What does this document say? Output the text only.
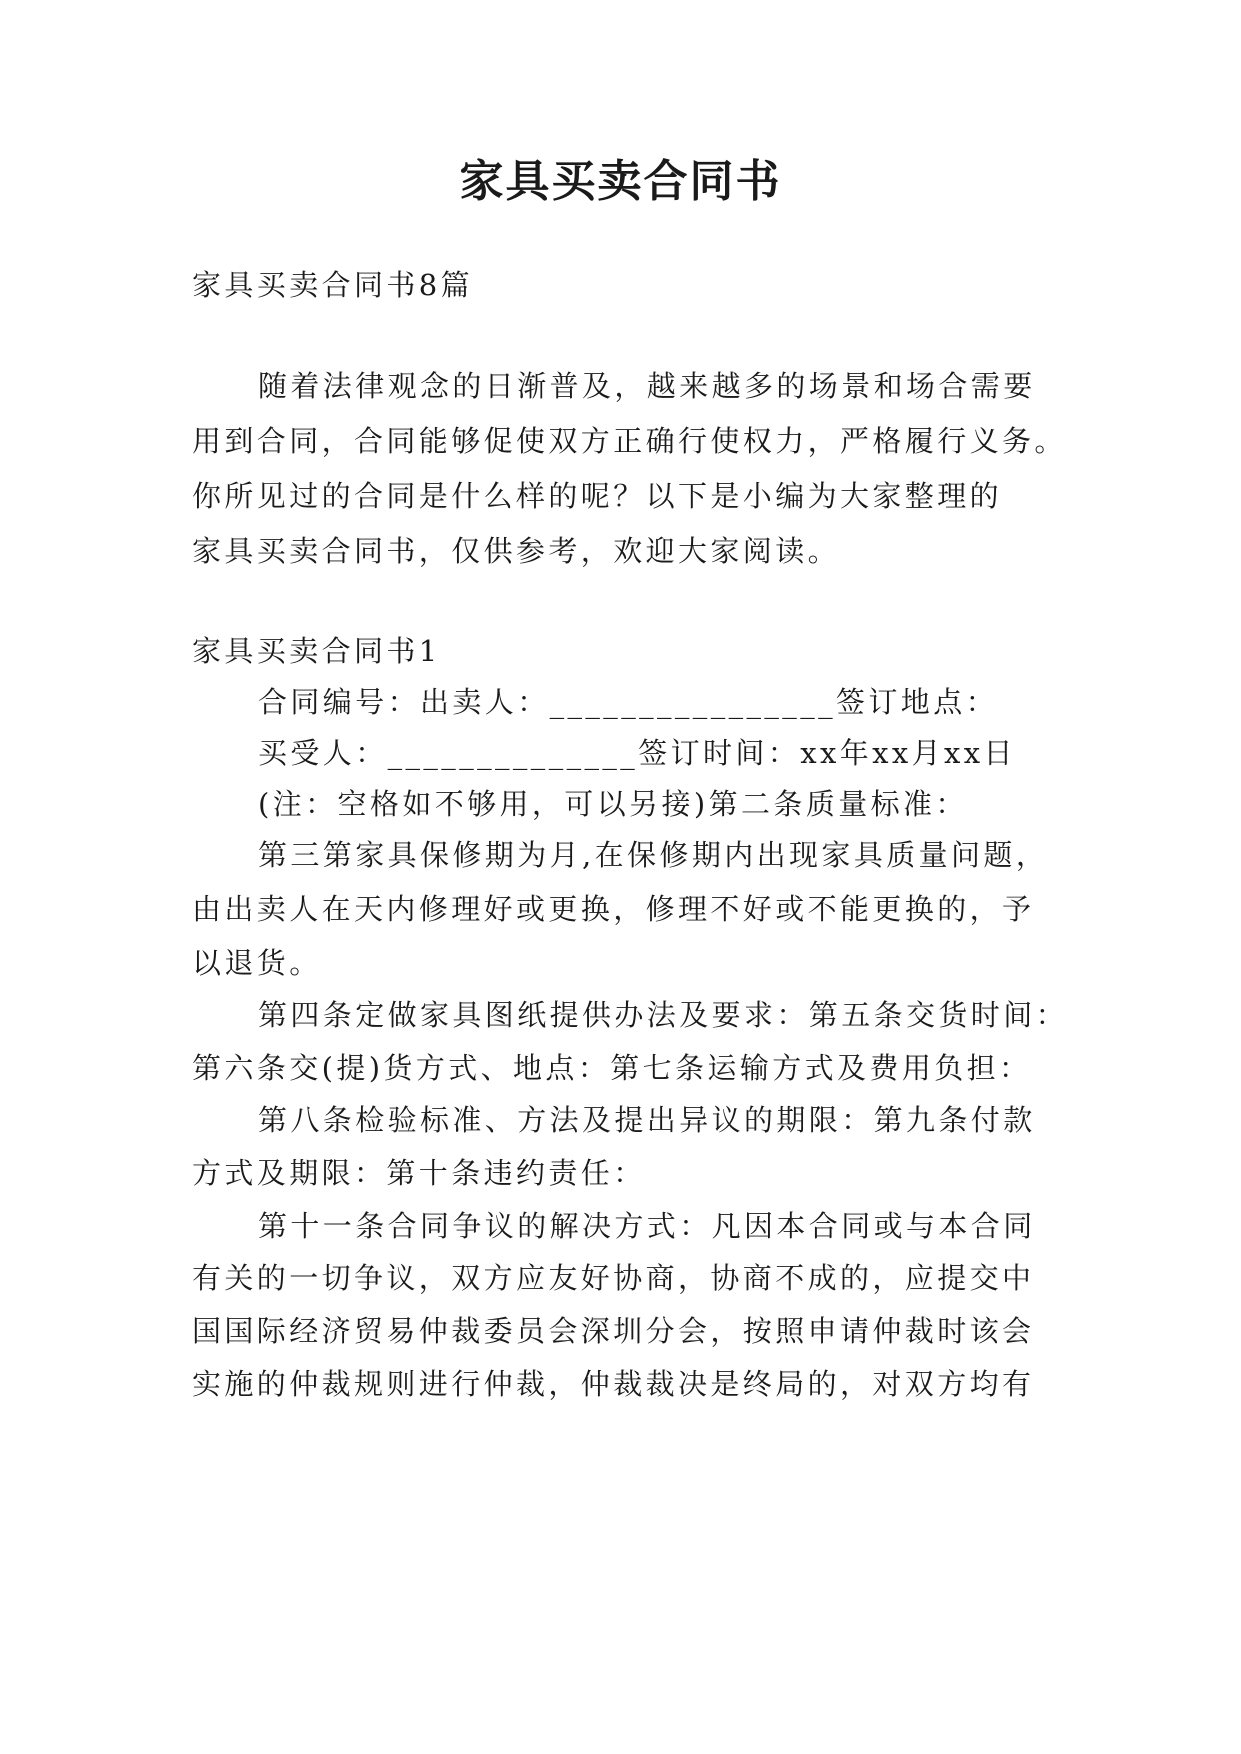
家具买卖合同书

家具买卖合同书8篇

随着法律观念的日渐普及，越来越多的场景和场合需要

用到合同，合同能够促使双方正确行使权力，严格履行义务。

你所见过的合同是什么样的呢？以下是小编为大家整理的

家具买卖合同书，仅供参考，欢迎大家阅读。

家具买卖合同书1

合同编号：出卖人：________________签订地点：

买受人：______________签订时间：xx年xx月xx日

(注：空格如不够用，可以另接)第二条质量标准：

第三第家具保修期为月,在保修期内出现家具质量问题，

由出卖人在天内修理好或更换，修理不好或不能更换的，予

以退货。

第四条定做家具图纸提供办法及要求：第五条交货时间：

第六条交(提)货方式、地点：第七条运输方式及费用负担：

第八条检验标准、方法及提出异议的期限：第九条付款

方式及期限：第十条违约责任：

第十一条合同争议的解决方式：凡因本合同或与本合同

有关的一切争议，双方应友好协商，协商不成的，应提交中

国国际经济贸易仲裁委员会深圳分会，按照申请仲裁时该会

实施的仲裁规则进行仲裁，仲裁裁决是终局的，对双方均有
